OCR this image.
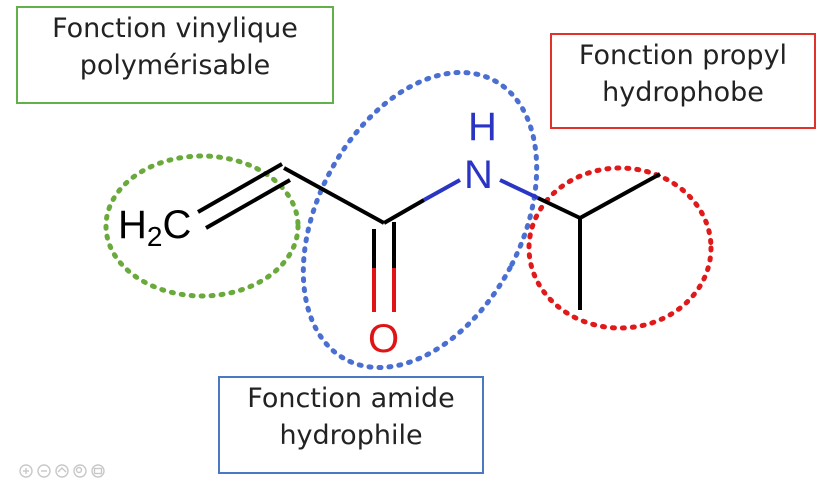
Fonction vinylique
polymérisable	Fonction propyl
hydrophobe
Fonction amide
hydrophile
$H_2C$
N
H
O
